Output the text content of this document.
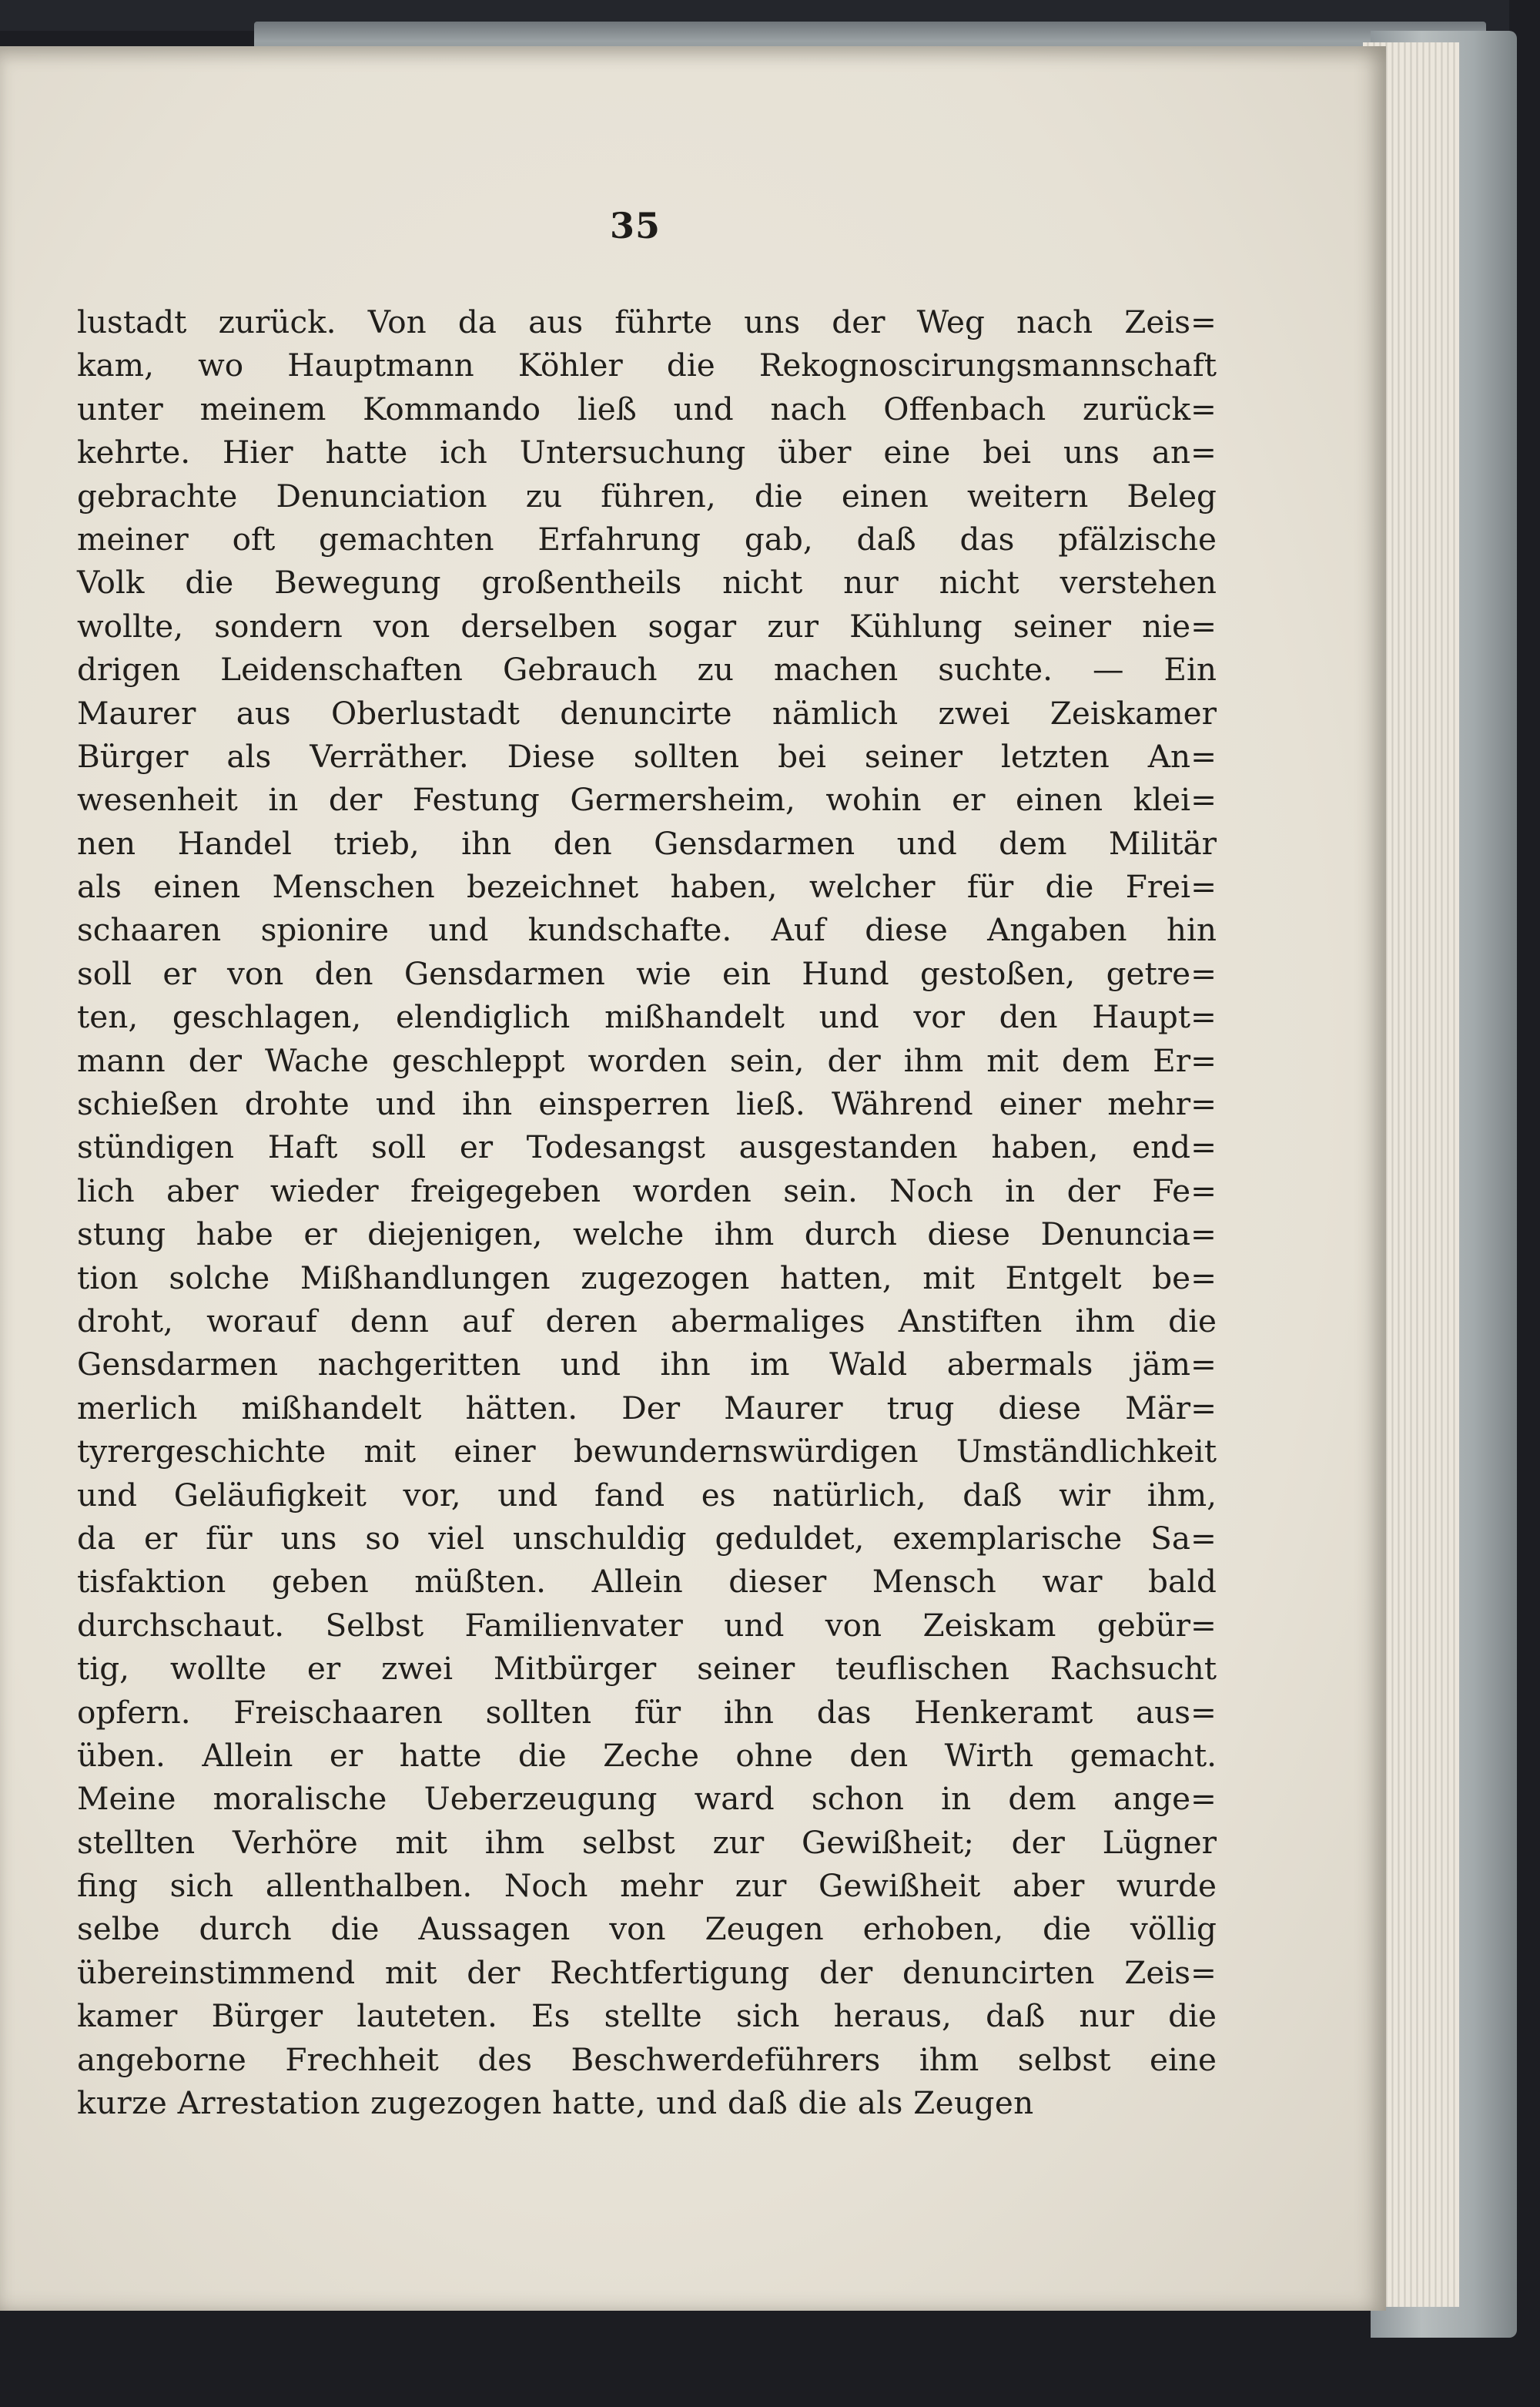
35
lustadt zurück. Von da aus führte uns der Weg nach Zeis=
kam, wo Hauptmann Köhler die Rekognoscirungsmannschaft
unter meinem Kommando ließ und nach Offenbach zurück=
kehrte. Hier hatte ich Untersuchung über eine bei uns an=
gebrachte Denunciation zu führen, die einen weitern Beleg
meiner oft gemachten Erfahrung gab, daß das pfälzische
Volk die Bewegung großentheils nicht nur nicht verstehen
wollte, sondern von derselben sogar zur Kühlung seiner nie=
drigen Leidenschaften Gebrauch zu machen suchte. — Ein
Maurer aus Oberlustadt denuncirte nämlich zwei Zeiskamer
Bürger als Verräther. Diese sollten bei seiner letzten An=
wesenheit in der Festung Germersheim, wohin er einen klei=
nen Handel trieb, ihn den Gensdarmen und dem Militär
als einen Menschen bezeichnet haben, welcher für die Frei=
schaaren spionire und kundschafte. Auf diese Angaben hin
soll er von den Gensdarmen wie ein Hund gestoßen, getre=
ten, geschlagen, elendiglich mißhandelt und vor den Haupt=
mann der Wache geschleppt worden sein, der ihm mit dem Er=
schießen drohte und ihn einsperren ließ. Während einer mehr=
stündigen Haft soll er Todesangst ausgestanden haben, end=
lich aber wieder freigegeben worden sein. Noch in der Fe=
stung habe er diejenigen, welche ihm durch diese Denuncia=
tion solche Mißhandlungen zugezogen hatten, mit Entgelt be=
droht, worauf denn auf deren abermaliges Anstiften ihm die
Gensdarmen nachgeritten und ihn im Wald abermals jäm=
merlich mißhandelt hätten. Der Maurer trug diese Mär=
tyrergeschichte mit einer bewundernswürdigen Umständlichkeit
und Geläufigkeit vor, und fand es natürlich, daß wir ihm,
da er für uns so viel unschuldig geduldet, exemplarische Sa=
tisfaktion geben müßten. Allein dieser Mensch war bald
durchschaut. Selbst Familienvater und von Zeiskam gebür=
tig, wollte er zwei Mitbürger seiner teuflischen Rachsucht
opfern. Freischaaren sollten für ihn das Henkeramt aus=
üben. Allein er hatte die Zeche ohne den Wirth gemacht.
Meine moralische Ueberzeugung ward schon in dem ange=
stellten Verhöre mit ihm selbst zur Gewißheit; der Lügner
fing sich allenthalben. Noch mehr zur Gewißheit aber wurde
selbe durch die Aussagen von Zeugen erhoben, die völlig
übereinstimmend mit der Rechtfertigung der denuncirten Zeis=
kamer Bürger lauteten. Es stellte sich heraus, daß nur die
angeborne Frechheit des Beschwerdeführers ihm selbst eine
kurze Arrestation zugezogen hatte, und daß die als Zeugen
